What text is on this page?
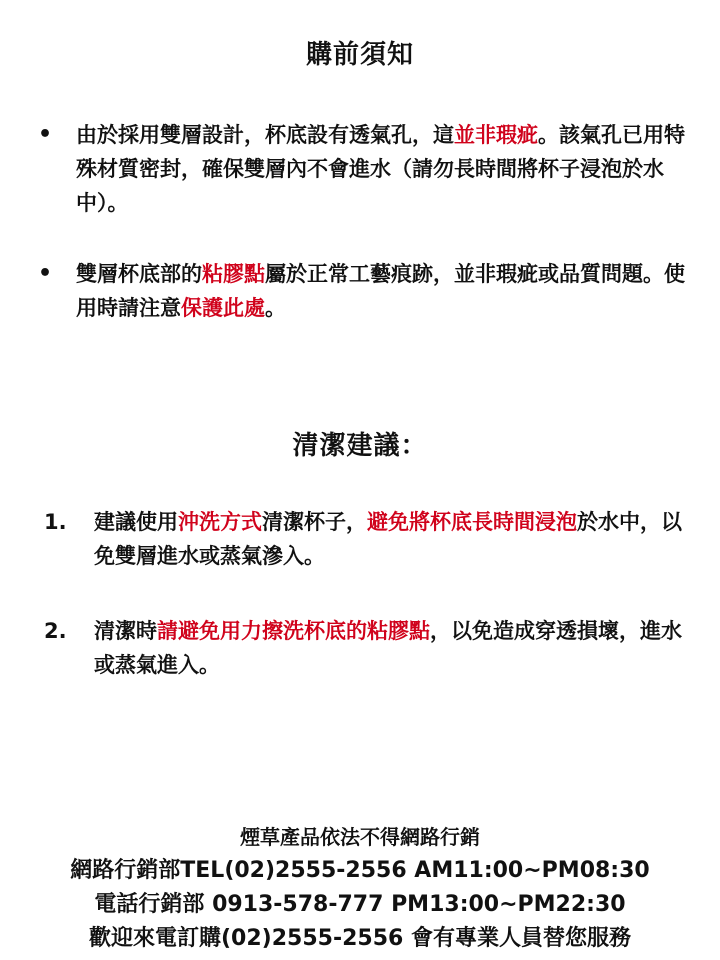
購前須知
• 由於採用雙層設計，杯底設有透氣孔，這並非瑕疵。該氣孔已用特殊材質密封，確保雙層內不會進水（請勿長時間將杯子浸泡於水中）。
• 雙層杯底部的粘膠點屬於正常工藝痕跡，並非瑕疵或品質問題。使用時請注意保護此處。
清潔建議：
1. 建議使用沖洗方式清潔杯子，避免將杯底長時間浸泡於水中，以免雙層進水或蒸氣滲入。
2. 清潔時請避免用力擦洗杯底的粘膠點，以免造成穿透損壞，進水或蒸氣進入。
煙草產品依法不得網路行銷
網路行銷部TEL(02)2555-2556 AM11:00~PM08:30
電話行銷部 0913-578-777 PM13:00~PM22:30
歡迎來電訂購(02)2555-2556 會有專業人員替您服務
